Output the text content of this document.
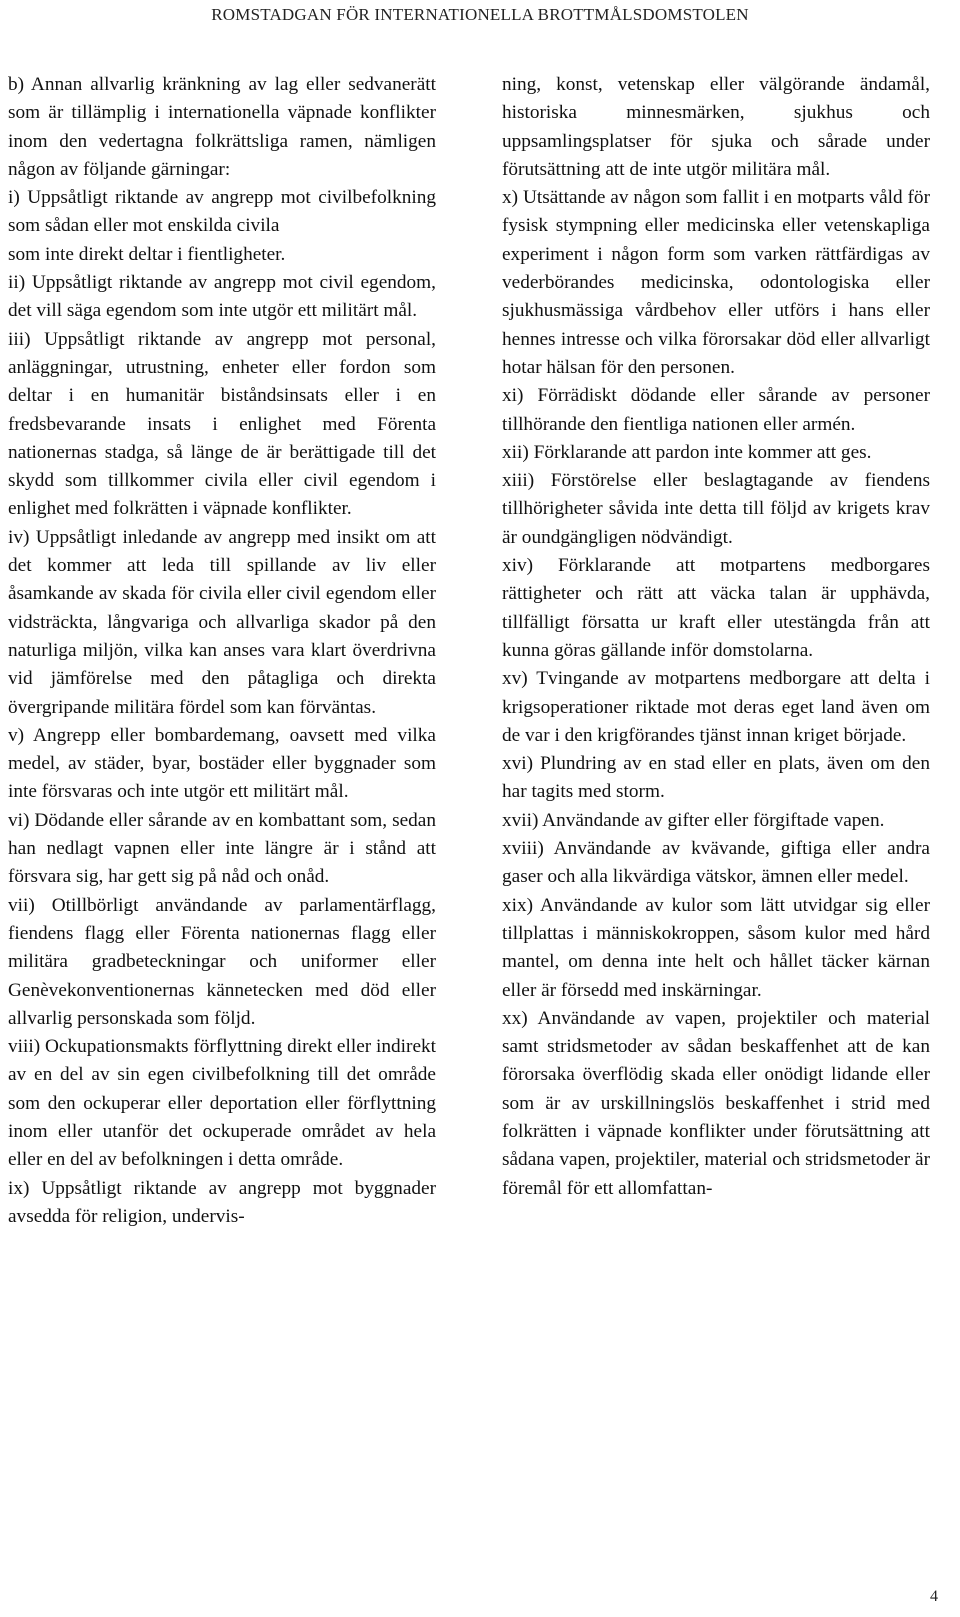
ROMSTADGAN FÖR INTERNATIONELLA BROTTMÅLSDOMSTOLEN

b) Annan allvarlig kränkning av lag eller sedvanerätt som är tillämplig i internationella väpnade konflikter inom den vedertagna folkrättsliga ramen, nämligen någon av följande gärningar:

i) Uppsåtligt riktande av angrepp mot civilbefolkning som sådan eller mot enskilda civila

som inte direkt deltar i fientligheter.

ii) Uppsåtligt riktande av angrepp mot civil egendom, det vill säga egendom som inte utgör ett militärt mål.

iii) Uppsåtligt riktande av angrepp mot personal, anläggningar, utrustning, enheter eller fordon som deltar i en humanitär biståndsinsats eller i en fredsbevarande insats i enlighet med Förenta nationernas stadga, så länge de är berättigade till det skydd som tillkommer civila eller civil egendom i enlighet med folkrätten i väpnade konflikter.

iv) Uppsåtligt inledande av angrepp med insikt om att det kommer att leda till spillande av liv eller åsamkande av skada för civila eller civil egendom eller vidsträckta, långvariga och allvarliga skador på den naturliga miljön, vilka kan anses vara klart överdrivna vid jämförelse med den påtagliga och direkta övergripande militära fördel som kan förväntas.

v) Angrepp eller bombardemang, oavsett med vilka medel, av städer, byar, bostäder eller byggnader som inte försvaras och inte utgör ett militärt mål.

vi) Dödande eller sårande av en kombattant som, sedan han nedlagt vapnen eller inte längre är i stånd att försvara sig, har gett sig på nåd och onåd.

vii) Otillbörligt användande av parlamentärflagg, fiendens flagg eller Förenta nationernas flagg eller militära gradbeteckningar och uniformer eller Genèvekonventionernas kännetecken med död eller allvarlig personskada som följd.

viii) Ockupationsmakts förflyttning direkt eller indirekt av en del av sin egen civilbefolkning till det område som den ockuperar eller deportation eller förflyttning inom eller utanför det ockuperade området av hela eller en del av befolkningen i detta område.

ix) Uppsåtligt riktande av angrepp mot byggnader avsedda för religion, undervis-

ning, konst, vetenskap eller välgörande ändamål, historiska minnesmärken, sjukhus och uppsamlingsplatser för sjuka och sårade under förutsättning att de inte utgör militära mål.

x) Utsättande av någon som fallit i en motparts våld för fysisk stympning eller medicinska eller vetenskapliga experiment i någon form som varken rättfärdigas av vederbörandes medicinska, odontologiska eller sjukhusmässiga vårdbehov eller utförs i hans eller hennes intresse och vilka förorsakar död eller allvarligt hotar hälsan för den personen.

xi) Förrädiskt dödande eller sårande av personer tillhörande den fientliga nationen eller armén.

xii) Förklarande att pardon inte kommer att ges.

xiii) Förstörelse eller beslagtagande av fiendens tillhörigheter såvida inte detta till följd av krigets krav är oundgängligen nödvändigt.

xiv) Förklarande att motpartens medborgares rättigheter och rätt att väcka talan är upphävda, tillfälligt försatta ur kraft eller utestängda från att kunna göras gällande inför domstolarna.

xv) Tvingande av motpartens medborgare att delta i krigsoperationer riktade mot deras eget land även om de var i den krigförandes tjänst innan kriget började.

xvi) Plundring av en stad eller en plats, även om den har tagits med storm.

xvii) Användande av gifter eller förgiftade vapen.

xviii) Användande av kvävande, giftiga eller andra gaser och alla likvärdiga vätskor, ämnen eller medel.

xix) Användande av kulor som lätt utvidgar sig eller tillplattas i människokroppen, såsom kulor med hård mantel, om denna inte helt och hållet täcker kärnan eller är försedd med inskärningar.

xx) Användande av vapen, projektiler och material samt stridsmetoder av sådan beskaffenhet att de kan förorsaka överflödig skada eller onödigt lidande eller som är av urskillningslös beskaffenhet i strid med folkrätten i väpnade konflikter under förutsättning att sådana vapen, projektiler, material och stridsmetoder är föremål för ett allomfattan-

4
